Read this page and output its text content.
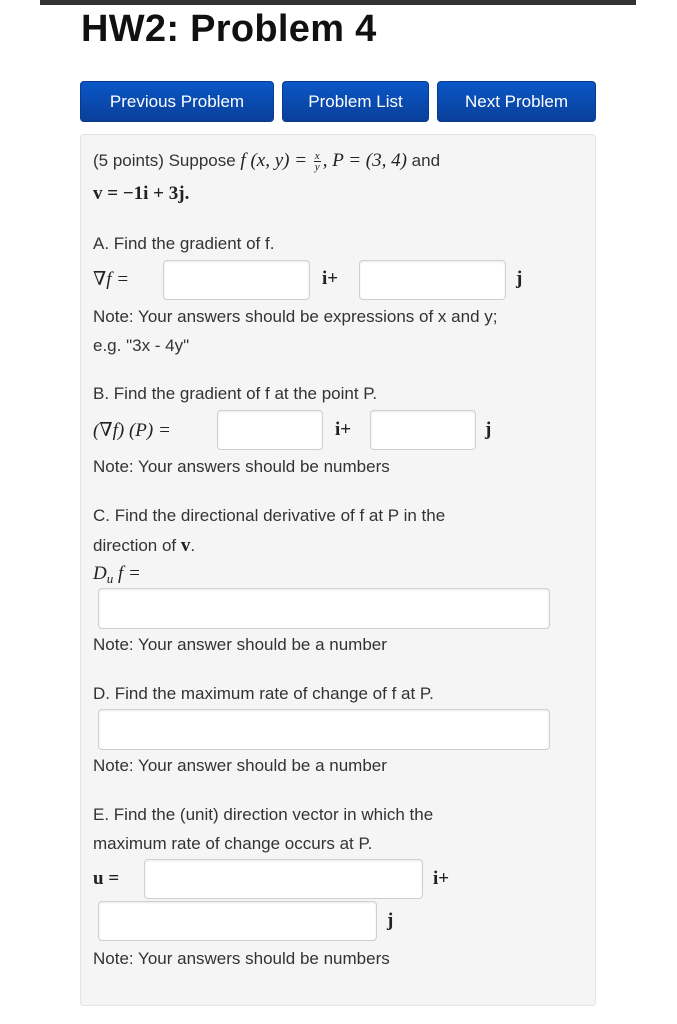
HW2: Problem 4
Previous Problem	Problem List	Next Problem
(5 points) Suppose f (x, $y) = \frac{x}{y}$ , P = (3, 4) and
v = −1i + 3j.
A. Find the gradient of f.
∇f =	i+	j
Note: Your answers should be expressions of x and y;
e.g. "3x - 4y"
B. Find the gradient of f at the point P.
(∇f) (P) =	i+	j
Note: Your answers should be numbers
C. Find the directional derivative of f at P in the
direction of v.
$D_u$ f =
Note: Your answer should be a number
D. Find the maximum rate of change of f at P.
Note: Your answer should be a number
E. Find the (unit) direction vector in which the
maximum rate of change occurs at P.
u =	i+
j
Note: Your answers should be numbers
